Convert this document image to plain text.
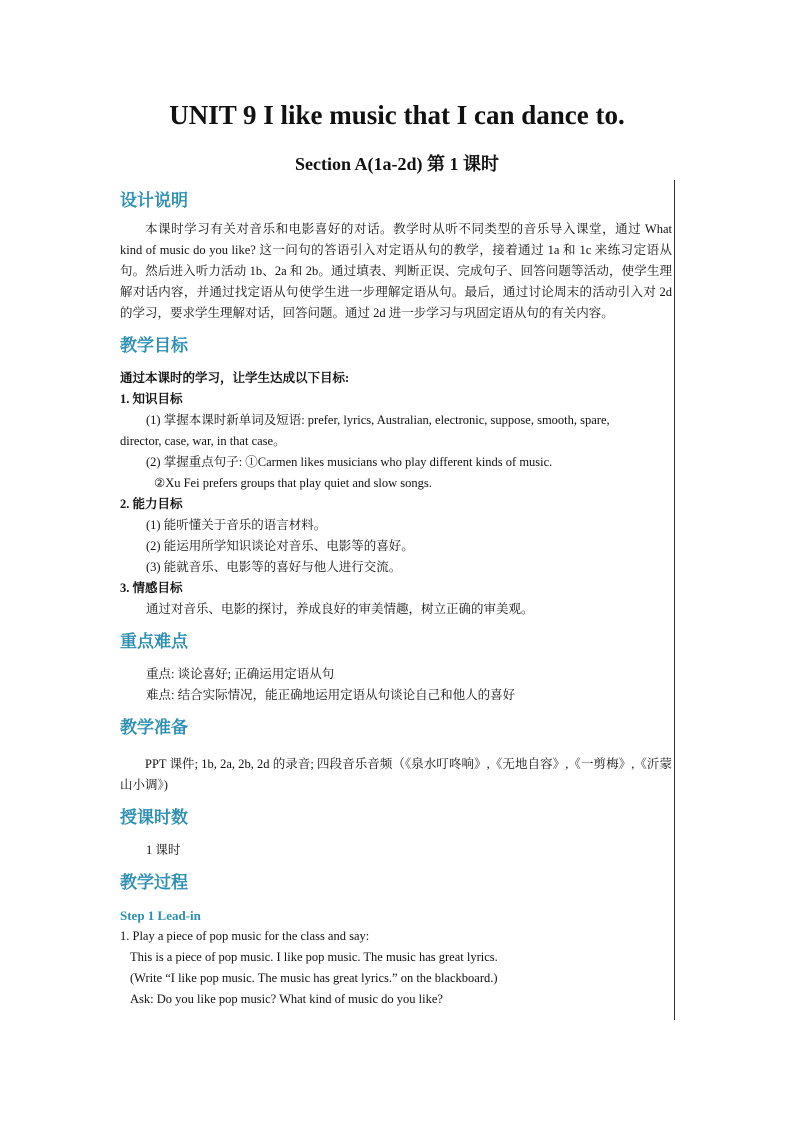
UNIT 9 I like music that I can dance to.
Section A(1a-2d) 第 1 课时
设计说明
本课时学习有关对音乐和电影喜好的对话。教学时从听不同类型的音乐导入课堂，通过 What kind of music do you like? 这一问句的答语引入对定语从句的教学，接着通过 1a 和 1c 来练习定语从句。然后进入听力活动 1b、2a 和 2b。通过填表、判断正误、完成句子、回答问题等活动，使学生理解对话内容，并通过找定语从句使学生进一步理解定语从句。最后，通过讨论周末的活动引入对 2d 的学习，要求学生理解对话，回答问题。通过 2d 进一步学习与巩固定语从句的有关内容。
教学目标
通过本课时的学习，让学生达成以下目标:
1. 知识目标
(1) 掌握本课时新单词及短语: prefer, lyrics, Australian, electronic, suppose, smooth, spare,
director, case, war, in that case。
(2) 掌握重点句子: ①Carmen likes musicians who play different kinds of music.
②Xu Fei prefers groups that play quiet and slow songs.
2. 能力目标
(1) 能听懂关于音乐的语言材料。
(2) 能运用所学知识谈论对音乐、电影等的喜好。
(3) 能就音乐、电影等的喜好与他人进行交流。
3. 情感目标
通过对音乐、电影的探讨，养成良好的审美情趣，树立正确的审美观。
重点难点
重点: 谈论喜好; 正确运用定语从句
难点: 结合实际情况，能正确地运用定语从句谈论自己和他人的喜好
教学准备
PPT 课件; 1b, 2a, 2b, 2d 的录音; 四段音乐音频（《泉水叮咚响》,《无地自容》,《一剪梅》,《沂蒙山小调》)
授课时数
1 课时
教学过程
Step 1 Lead-in
1. Play a piece of pop music for the class and say:
This is a piece of pop music. I like pop music. The music has great lyrics.
(Write “I like pop music. The music has great lyrics.” on the blackboard.)
Ask: Do you like pop music? What kind of music do you like?
